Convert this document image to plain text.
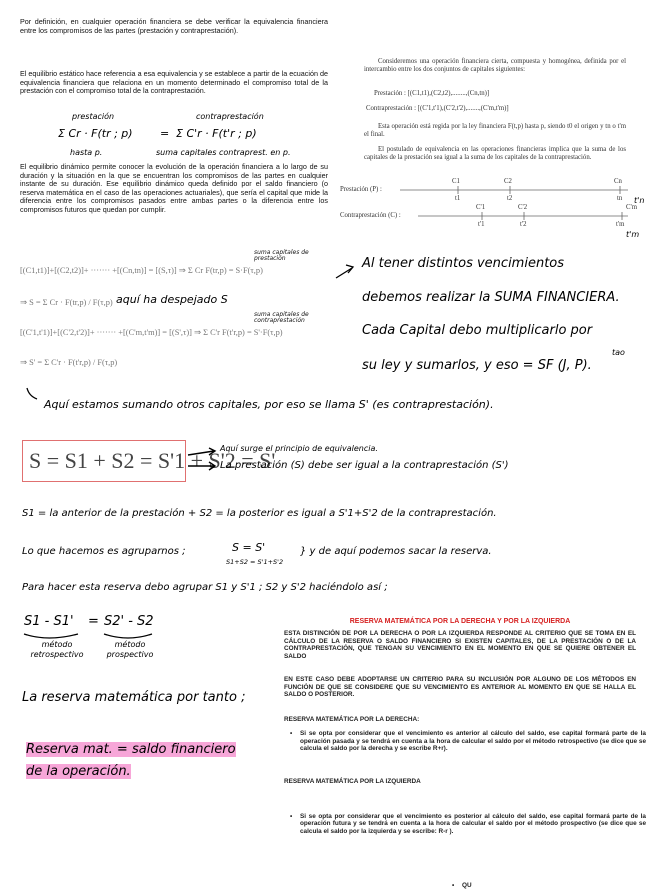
Por definición, en cualquier operación financiera se debe verificar la equivalencia financiera entre los compromisos de las partes (prestación y contraprestación).

El equilibrio estático hace referencia a esa equivalencia y se establece a partir de la ecuación de equivalencia financiera que relaciona en un momento determinado el compromiso total de la prestación con el compromiso total de la contraprestación.

prestación	contraprestación
Σ Cr · F(tr ; p) = Σ C'r · F(t'r ; p)
hasta p.	suma capitales contraprest. en p.

El equilibrio dinámico permite conocer la evolución de la operación financiera a lo largo de su duración y la situación en la que se encuentran los compromisos de las partes en cualquier instante de su duración. Ese equilibrio dinámico queda definido por el saldo financiero (o reserva matemática en el caso de las operaciones actuariales), que sería el capital que mide la diferencia entre los compromisos pasados entre ambas partes o la diferencia entre los compromisos futuros que quedan por cumplir.

Consideremos una operación financiera cierta, compuesta y homogénea, definida por el intercambio entre los dos conjuntos de capitales siguientes:

Prestación : [(C1,t1),(C2,t2),........,(Cn,tn)]
Contraprestación : [(C'1,t'1),(C'2,t'2),.......,(C'm,t'm)]

Esta operación está regida por la ley financiera F(t,p) hasta p, siendo t0 el origen y tn o t'm el final.

El postulado de equivalencia en las operaciones financieras implica que la suma de los capitales de la prestación sea igual a la suma de los capitales de la contraprestación.

Prestación (P) :
Contraprestación (C) :
C1	C2	Cn
t1	t2	tn
C'1	C'2	C'm
t'1	t'2	t'm
t'n
t'm
[(C1,t1)]+[(C2,t2)]+ ······· +[(Cn,tn)] = [(S,τ)] ⇒ Σ Cr F(tr,p) = S·F(τ,p)
suma capitales de prestación
⇒ S = Σ Cr · F(tr,p) / F(τ,p) aquí ha despejado S
[(C'1,t'1)]+[(C'2,t'2)]+ ······· +[(C'm,t'm)] = [(S',τ)] ⇒ Σ C'r F(t'r,p) = S'·F(τ,p)
suma capitales de contraprestación
⇒ S' = Σ C'r · F(t'r,p) / F(τ,p)
Al tener distintos vencimientos
debemos realizar la SUMA FINANCIERA.
Cada Capital debo multiplicarlo por
tao
su ley y sumarlos, y eso = SF (J, P).
Aquí estamos sumando otros capitales, por eso se llama S' (es contraprestación).
S = S1 + S2 = S'1 + S'2 = S'
Aquí surge el principio de equivalencia.
La prestación (S) debe ser igual a la contraprestación (S')
S1 = la anterior de la prestación + S2 = la posterior es igual a S'1+S'2 de la contraprestación.
Lo que hacemos es agruparnos ;	S = S'
S1+S2 = S'1+S'2
} y de aquí podemos sacar la reserva.
Para hacer esta reserva debo agrupar S1 y S'1 ; S2 y S'2 haciéndolo así ;
S1 - S1' = S2' - S2
método retrospectivo
método prospectivo
La reserva matemática por tanto ;
Reserva mat. = saldo financiero
de la operación.
RESERVA MATEMÁTICA POR LA DERECHA Y POR LA IZQUIERDA

ESTA DISTINCIÓN DE POR LA DERECHA O POR LA IZQUIERDA RESPONDE AL CRITERIO QUE SE TOMA EN EL CÁLCULO DE LA RESERVA O SALDO FINANCIERO SI EXISTEN CAPITALES, DE LA PRESTACIÓN O DE LA CONTRAPRESTACIÓN, QUE TENGAN SU VENCIMIENTO EN EL MOMENTO EN QUE SE QUIERE OBTENER EL SALDO

EN ESTE CASO DEBE ADOPTARSE UN CRITERIO PARA SU INCLUSIÓN POR ALGUNO DE LOS MÉTODOS EN FUNCIÓN DE QUE SE CONSIDERE QUE SU VENCIMIENTO ES ANTERIOR AL MOMENTO EN QUE SE HALLA EL SALDO O POSTERIOR.

RESERVA MATEMÁTICA POR LA DERECHA:

• Si se opta por considerar que el vencimiento es anterior al cálculo del saldo, ese capital formará parte de la operación pasada y se tendrá en cuenta a la hora de calcular el saldo por el método retrospectivo (se dice que se calcula el saldo por la derecha y se escribe R+r).

RESERVA MATEMÁTICA POR LA IZQUIERDA

• Si se opta por considerar que el vencimiento es posterior al cálculo del saldo, ese capital formará parte de la operación futura y se tendrá en cuenta a la hora de calcular el saldo por el método prospectivo (se dice que se calcula el saldo por la izquierda y se escribe: R-r ).

• QU
